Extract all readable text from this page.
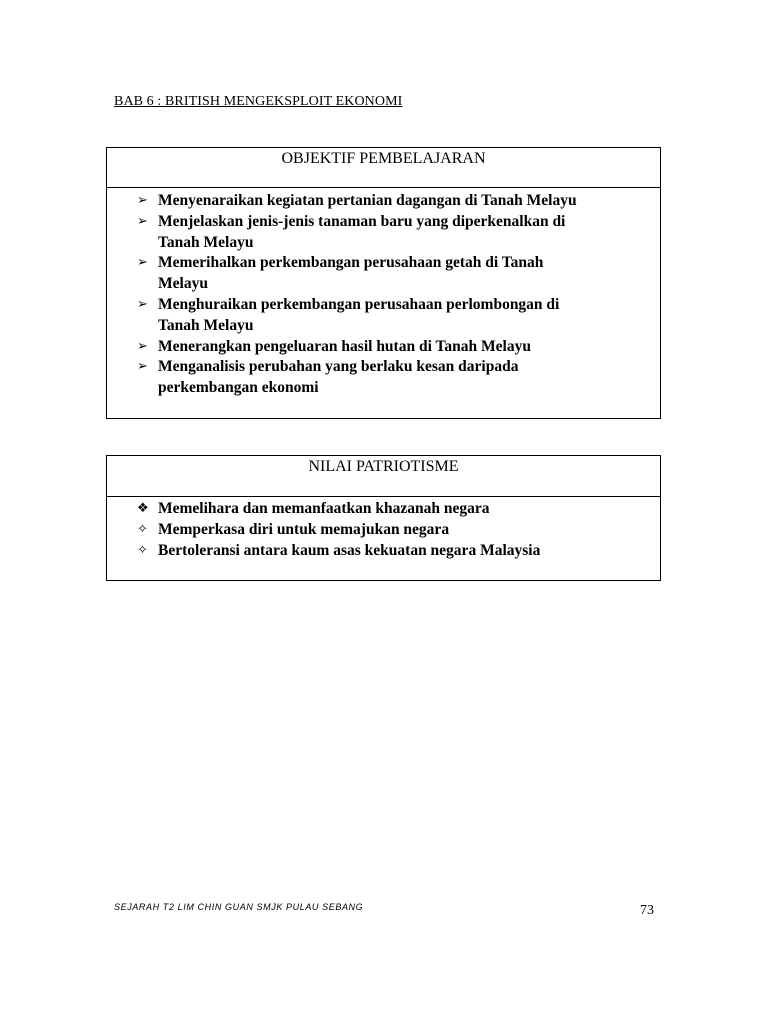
BAB 6 : BRITISH MENGEKSPLOIT EKONOMI
OBJEKTIF PEMBELAJARAN
➢ Menyenaraikan kegiatan pertanian dagangan di Tanah Melayu
➢ Menjelaskan jenis-jenis tanaman baru yang diperkenalkan di
Tanah Melayu
➢ Memerihalkan perkembangan perusahaan getah di Tanah
Melayu
➢ Menghuraikan perkembangan perusahaan perlombongan di
Tanah Melayu
➢ Menerangkan pengeluaran hasil hutan di Tanah Melayu
➢ Menganalisis perubahan yang berlaku kesan daripada
perkembangan ekonomi
NILAI PATRIOTISME
❖ Memelihara dan memanfaatkan khazanah negara
✧ Memperkasa diri untuk memajukan negara
✧ Bertoleransi antara kaum asas kekuatan negara Malaysia
SEJARAH T2 LIM CHIN GUAN SMJK PULAU SEBANG	73
